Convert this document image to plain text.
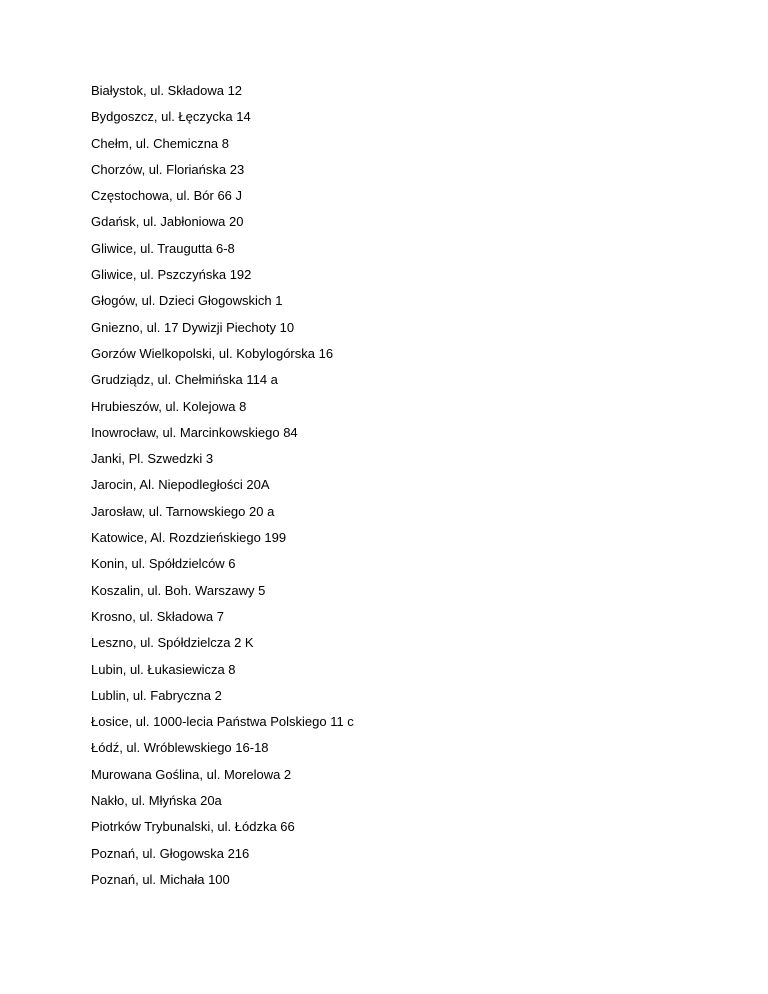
Białystok, ul. Składowa 12
Bydgoszcz, ul. Łęczycka 14
Chełm, ul. Chemiczna 8
Chorzów, ul. Floriańska 23
Częstochowa, ul. Bór 66 J
Gdańsk, ul. Jabłoniowa 20
Gliwice, ul. Traugutta 6-8
Gliwice, ul. Pszczyńska 192
Głogów, ul. Dzieci Głogowskich 1
Gniezno, ul. 17 Dywizji Piechoty 10
Gorzów Wielkopolski, ul. Kobylogórska 16
Grudziądz, ul. Chełmińska 114 a
Hrubieszów, ul. Kolejowa 8
Inowrocław, ul. Marcinkowskiego 84
Janki, Pl. Szwedzki 3
Jarocin, Al. Niepodległości 20A
Jarosław, ul. Tarnowskiego 20 a
Katowice, Al. Rozdzieńskiego 199
Konin, ul. Spółdzielców 6
Koszalin, ul. Boh. Warszawy 5
Krosno, ul. Składowa 7
Leszno, ul. Spółdzielcza 2 K
Lubin, ul. Łukasiewicza 8
Lublin, ul. Fabryczna 2
Łosice, ul. 1000-lecia Państwa Polskiego 11 c
Łódź, ul. Wróblewskiego 16-18
Murowana Goślina, ul. Morelowa 2
Nakło, ul. Młyńska 20a
Piotrków Trybunalski, ul. Łódzka 66
Poznań, ul. Głogowska 216
Poznań, ul. Michała 100
